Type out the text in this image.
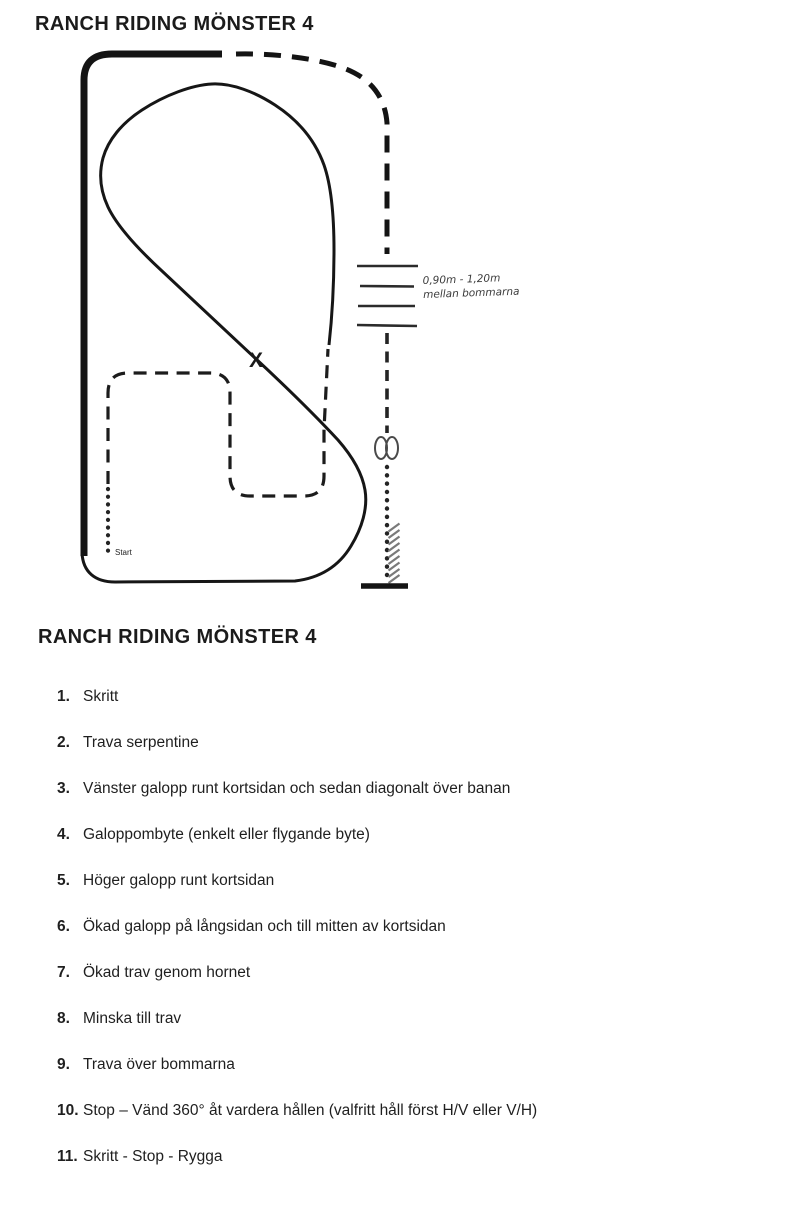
RANCH RIDING MÖNSTER 4
0,90m - 1,20m
mellan bommarna
Start
X
RANCH RIDING MÖNSTER 4
1. Skritt
2. Trava serpentine
3. Vänster galopp runt kortsidan och sedan diagonalt över banan
4. Galoppombyte (enkelt eller flygande byte)
5. Höger galopp runt kortsidan
6. Ökad galopp på långsidan och till mitten av kortsidan
7. Ökad trav genom hornet
8. Minska till trav
9. Trava över bommarna
10. Stop – Vänd 360° åt vardera hållen (valfritt håll först H/V eller V/H)
11. Skritt - Stop - Rygga
